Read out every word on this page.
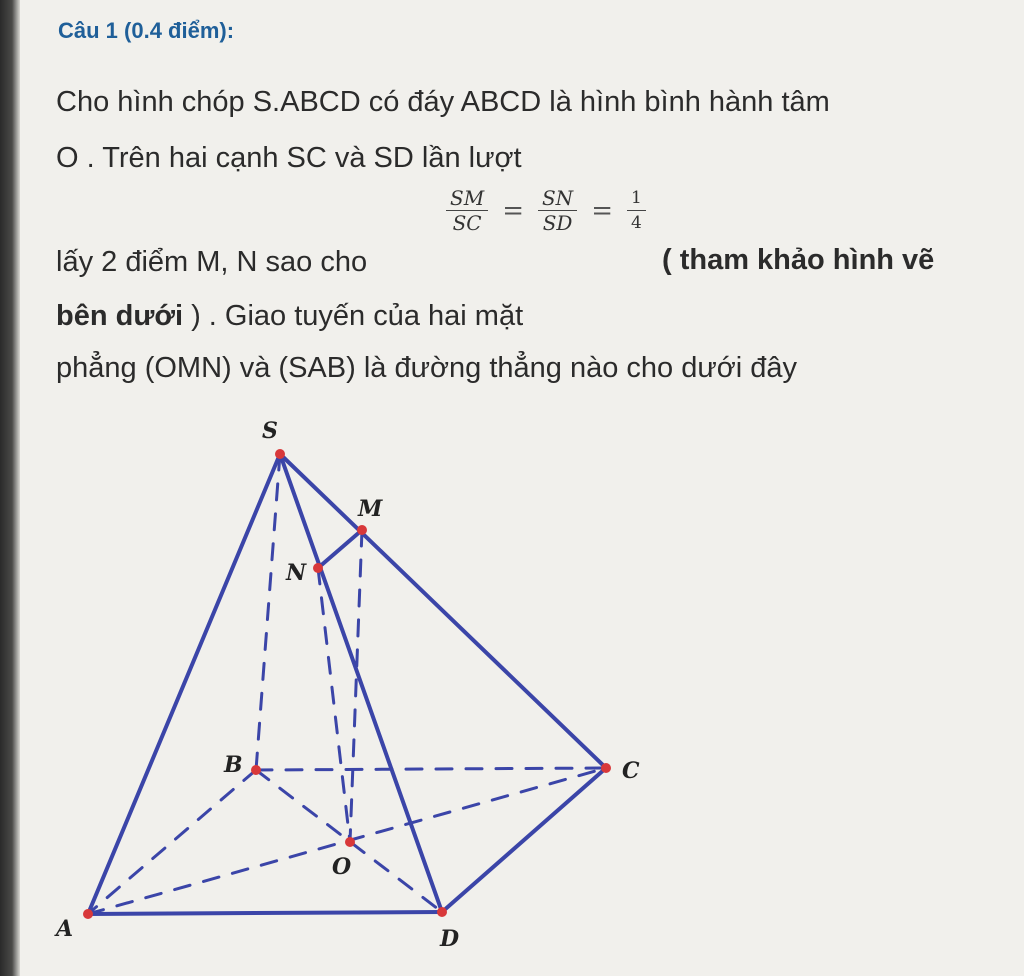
Câu 1 (0.4 điểm):
Cho hình chóp S.ABCD có đáy ABCD là hình bình hành tâm
O . Trên hai cạnh SC và SD lần lượt
$\frac{SM}{SC} = \frac{SN}{SD} = \frac{1}{4}$
lấy 2 điểm M, N sao cho	( tham khảo hình vẽ
bên dưới ) . Giao tuyến của hai mặt
phẳng (OMN) và (SAB) là đường thẳng nào cho dưới đây
S
M
N
B	C
O
A	D
